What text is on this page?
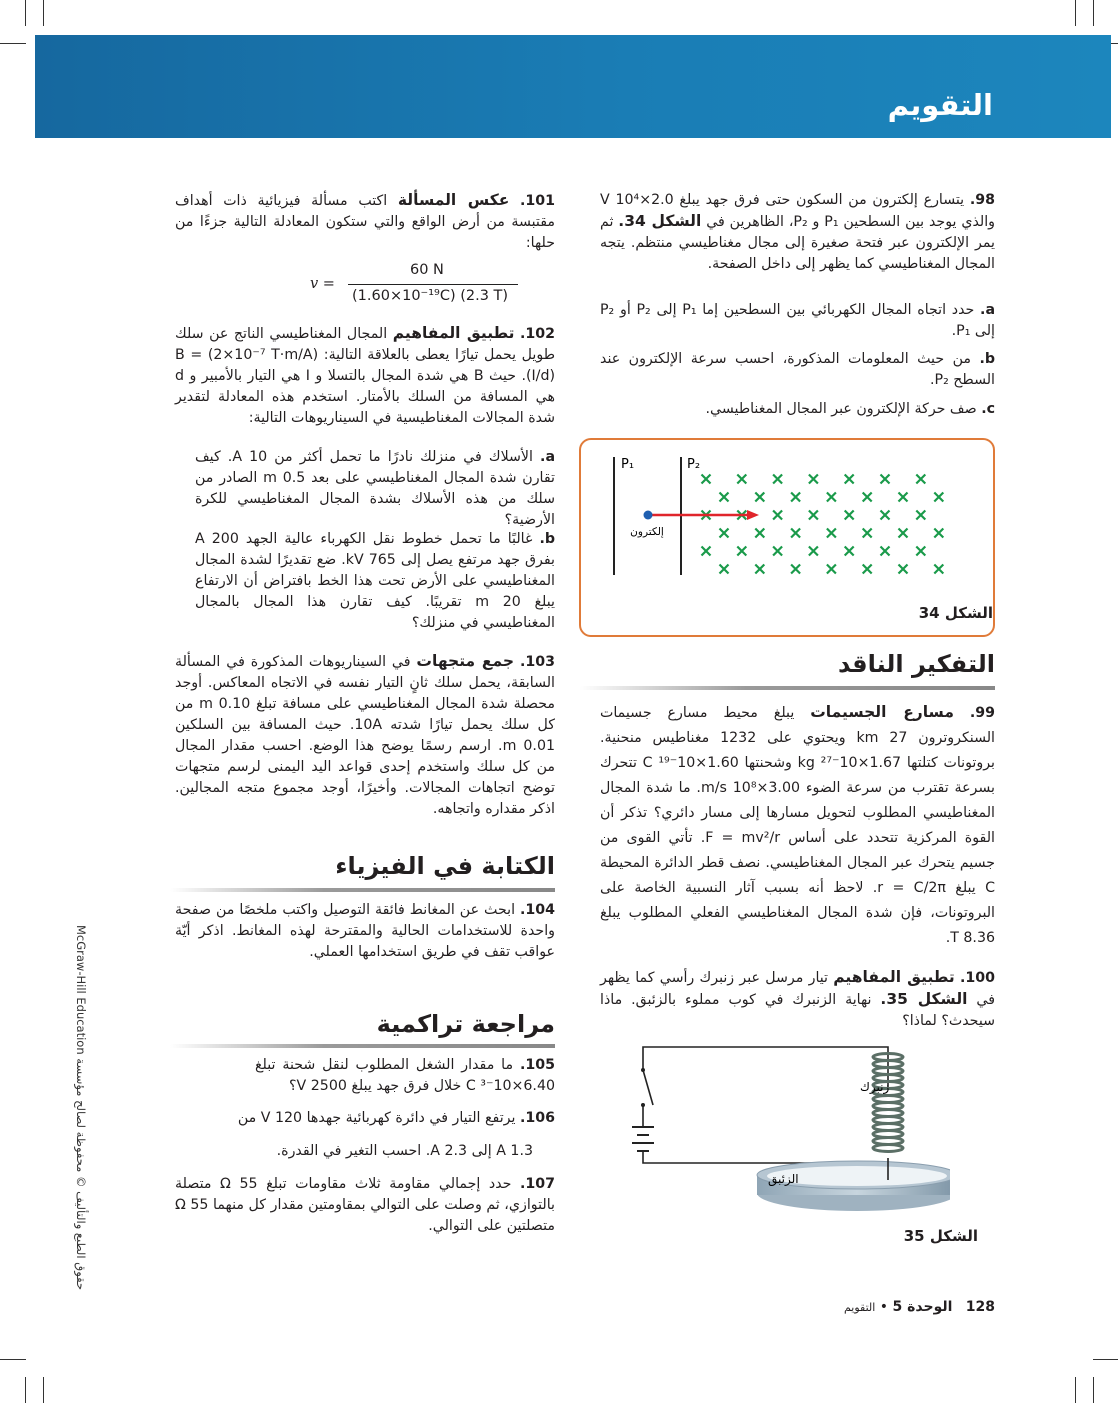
التقويم
98. يتسارع إلكترون من السكون حتى فرق جهد يبلغ 2.0×10⁴ V والذي يوجد بين السطحين P₁ و P₂، الظاهرين في الشكل 34. ثم يمر الإلكترون عبر فتحة صغيرة إلى مجال مغناطيسي منتظم. يتجه المجال المغناطيسي كما يظهر إلى داخل الصفحة.
a. حدد اتجاه المجال الكهربائي بين السطحين إما P₁ إلى P₂ أو P₂ إلى P₁.
b. من حيث المعلومات المذكورة، احسب سرعة الإلكترون عند السطح P₂.
c. صف حركة الإلكترون عبر المجال المغناطيسي.
P₁	P₂
إلكترون
الشكل 34
التفكير الناقد
99. مسارع الجسيمات يبلغ محيط مسارع جسيمات السنكروترون 27 km ويحتوي على 1232 مغناطيس منحنية. بروتونات كتلتها 1.67×10⁻²⁷ kg وشحنتها 1.60×10⁻¹⁹ C تتحرك بسرعة تقترب من سرعة الضوء 3.00×10⁸ m/s. ما شدة المجال المغناطيسي المطلوب لتحويل مسارها إلى مسار دائري؟ تذكر أن القوة المركزية تتحدد على أساس F = mv²/r. تأتي القوى من جسيم يتحرك عبر المجال المغناطيسي. نصف قطر الدائرة المحيطة C يبلغ r = C/2π. لاحظ أنه بسبب آثار النسبية الخاصة على البروتونات، فإن شدة المجال المغناطيسي الفعلي المطلوب يبلغ 8.36 T.
100. تطبيق المفاهيم تيار مرسل عبر زنبرك رأسي كما يظهر في الشكل 35. نهاية الزنبرك في كوب مملوء بالزئبق. ماذا سيحدث؟ لماذا؟
زنبرك
الزئبق
الشكل 35
101. عكس المسألة اكتب مسألة فيزيائية ذات أهداف مقتبسة من أرض الواقع والتي ستكون المعادلة التالية جزءًا من حلها:
v =
60 N
(1.60×10⁻¹⁹C) (2.3 T)
102. تطبيق المفاهيم المجال المغناطيسي الناتج عن سلك طويل يحمل تيارًا يعطى بالعلاقة التالية: B = (2×10⁻⁷ T·m/A)(I/d). حيث B هي شدة المجال بالتسلا و I هي التيار بالأمبير و d هي المسافة من السلك بالأمتار. استخدم هذه المعادلة لتقدير شدة المجالات المغناطيسية في السيناريوهات التالية:
a. الأسلاك في منزلك نادرًا ما تحمل أكثر من 10 A. كيف تقارن شدة المجال المغناطيسي على بعد 0.5 m الصادر من سلك من هذه الأسلاك بشدة المجال المغناطيسي للكرة الأرضية؟
b. غالبًا ما تحمل خطوط نقل الكهرباء عالية الجهد 200 A بفرق جهد مرتفع يصل إلى 765 kV. ضع تقديرًا لشدة المجال المغناطيسي على الأرض تحت هذا الخط بافتراض أن الارتفاع يبلغ 20 m تقريبًا. كيف تقارن هذا المجال بالمجال المغناطيسي في منزلك؟
103. جمع متجهات في السيناريوهات المذكورة في المسألة السابقة، يحمل سلك ثانٍ التيار نفسه في الاتجاه المعاكس. أوجد محصلة شدة المجال المغناطيسي على مسافة تبلغ 0.10 m من كل سلك يحمل تيارًا شدته 10A. حيث المسافة بين السلكين 0.01 m. ارسم رسمًا يوضح هذا الوضع. احسب مقدار المجال من كل سلك واستخدم إحدى قواعد اليد اليمنى لرسم متجهات توضح اتجاهات المجالات. وأخيرًا، أوجد مجموع متجه المجالين. اذكر مقداره واتجاهه.
الكتابة في الفيزياء
104. ابحث عن المغانط فائقة التوصيل واكتب ملخصًا من صفحة واحدة للاستخدامات الحالية والمقترحة لهذه المغانط. اذكر أيّة عواقب تقف في طريق استخدامها العملي.
مراجعة تراكمية
105. ما مقدار الشغل المطلوب لنقل شحنة تبلغ 6.40×10⁻³ C خلال فرق جهد يبلغ 2500 V؟
106. يرتفع التيار في دائرة كهربائية جهدها 120 V من
1.3 A إلى 2.3 A. احسب التغير في القدرة.
107. حدد إجمالي مقاومة ثلاث مقاومات تبلغ 55 Ω متصلة بالتوازي، ثم وصلت على التوالي بمقاومتين مقدار كل منهما 55 Ω متصلتين على التوالي.
128   الوحدة 5 • التقويم
حقوق الطبع والتأليف © محفوظة لصالح مؤسسة McGraw-Hill Education
